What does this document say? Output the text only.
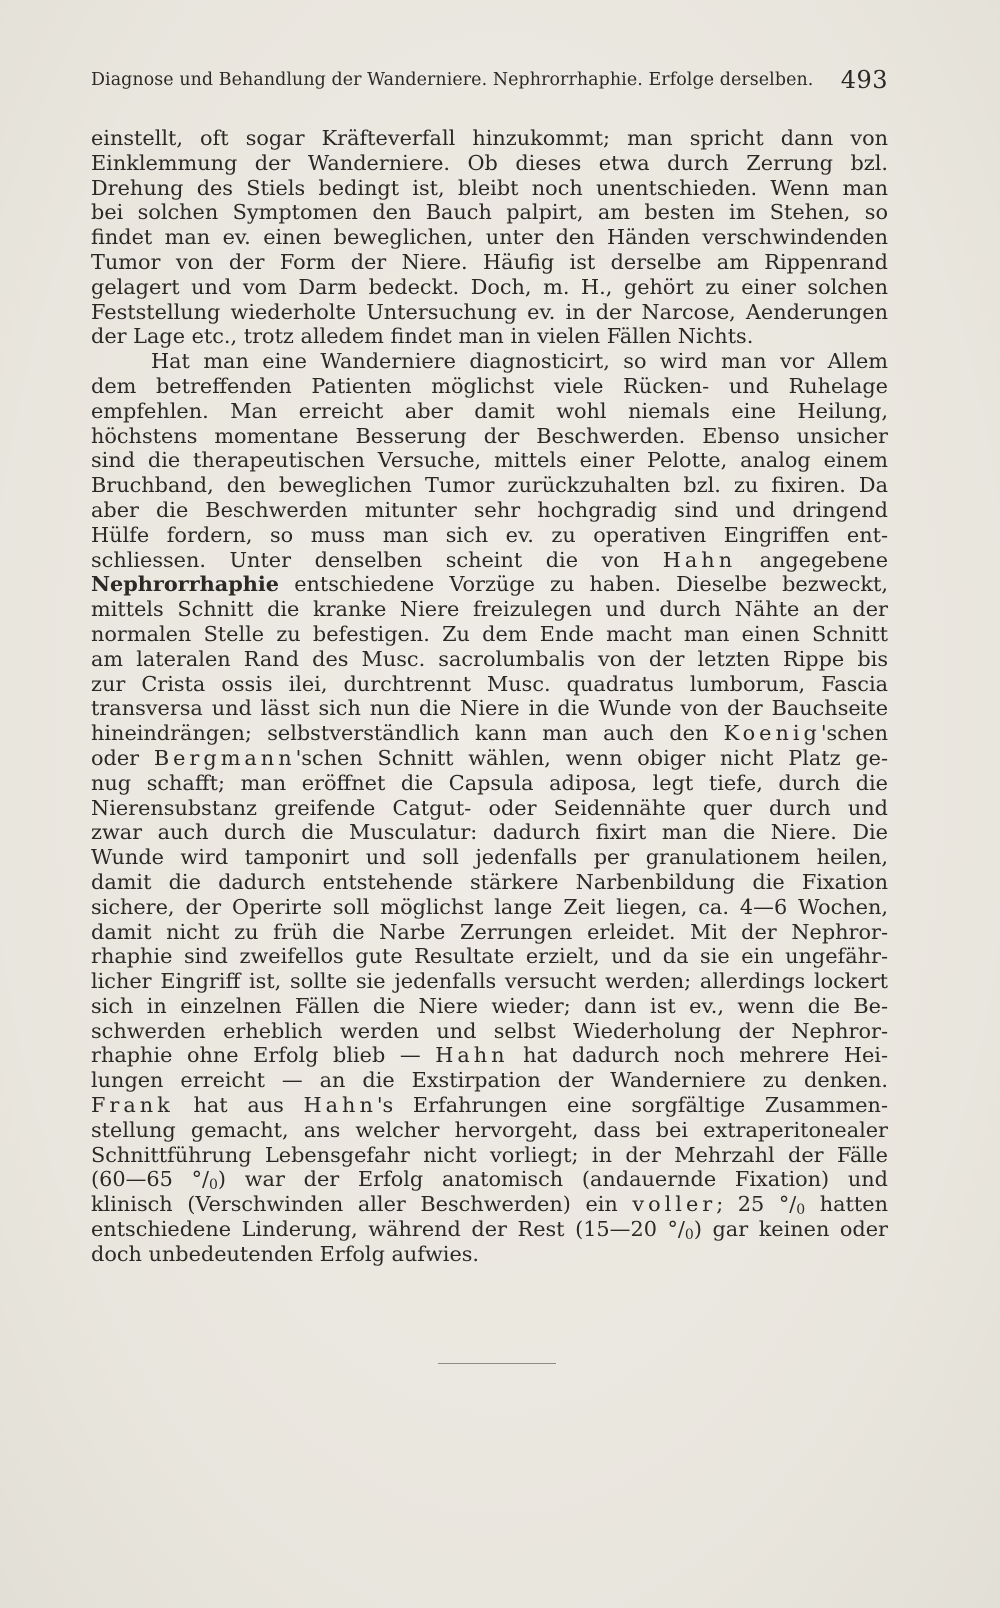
Diagnose und Behandlung der Wanderniere. Nephrorrhaphie. Erfolge derselben. 493
einstellt, oft sogar Kräfteverfall hinzukommt; man spricht dann von
Einklemmung der Wanderniere. Ob dieses etwa durch Zerrung bzl.
Drehung des Stiels bedingt ist, bleibt noch unentschieden. Wenn man
bei solchen Symptomen den Bauch palpirt, am besten im Stehen, so
findet man ev. einen beweglichen, unter den Händen verschwindenden
Tumor von der Form der Niere. Häufig ist derselbe am Rippenrand
gelagert und vom Darm bedeckt. Doch, m. H., gehört zu einer solchen
Feststellung wiederholte Untersuchung ev. in der Narcose, Aenderungen
der Lage etc., trotz alledem findet man in vielen Fällen Nichts.
Hat man eine Wanderniere diagnosticirt, so wird man vor Allem
dem betreffenden Patienten möglichst viele Rücken- und Ruhelage
empfehlen. Man erreicht aber damit wohl niemals eine Heilung,
höchstens momentane Besserung der Beschwerden. Ebenso unsicher
sind die therapeutischen Versuche, mittels einer Pelotte, analog einem
Bruchband, den beweglichen Tumor zurückzuhalten bzl. zu fixiren. Da
aber die Beschwerden mitunter sehr hochgradig sind und dringend
Hülfe fordern, so muss man sich ev. zu operativen Eingriffen ent-
schliessen. Unter denselben scheint die von Hahn angegebene
Nephrorrhaphie entschiedene Vorzüge zu haben. Dieselbe bezweckt,
mittels Schnitt die kranke Niere freizulegen und durch Nähte an der
normalen Stelle zu befestigen. Zu dem Ende macht man einen Schnitt
am lateralen Rand des Musc. sacrolumbalis von der letzten Rippe bis
zur Crista ossis ilei, durchtrennt Musc. quadratus lumborum, Fascia
transversa und lässt sich nun die Niere in die Wunde von der Bauchseite
hineindrängen; selbstverständlich kann man auch den Koenig'schen
oder Bergmann'schen Schnitt wählen, wenn obiger nicht Platz ge-
nug schafft; man eröffnet die Capsula adiposa, legt tiefe, durch die
Nierensubstanz greifende Catgut- oder Seidennähte quer durch und
zwar auch durch die Musculatur: dadurch fixirt man die Niere. Die
Wunde wird tamponirt und soll jedenfalls per granulationem heilen,
damit die dadurch entstehende stärkere Narbenbildung die Fixation
sichere, der Operirte soll möglichst lange Zeit liegen, ca. 4—6 Wochen,
damit nicht zu früh die Narbe Zerrungen erleidet. Mit der Nephror-
rhaphie sind zweifellos gute Resultate erzielt, und da sie ein ungefähr-
licher Eingriff ist, sollte sie jedenfalls versucht werden; allerdings lockert
sich in einzelnen Fällen die Niere wieder; dann ist ev., wenn die Be-
schwerden erheblich werden und selbst Wiederholung der Nephror-
rhaphie ohne Erfolg blieb — Hahn hat dadurch noch mehrere Hei-
lungen erreicht — an die Exstirpation der Wanderniere zu denken.
Frank hat aus Hahn's Erfahrungen eine sorgfältige Zusammen-
stellung gemacht, ans welcher hervorgeht, dass bei extraperitonealer
Schnittführung Lebensgefahr nicht vorliegt; in der Mehrzahl der Fälle
(60—65 $^\circ/_0$) war der Erfolg anatomisch (andauernde Fixation) und
klinisch (Verschwinden aller Beschwerden) ein voller; 25 $^\circ/_0$ hatten
entschiedene Linderung, während der Rest (15—20 $^\circ/_0$) gar keinen oder
doch unbedeutenden Erfolg aufwies.
